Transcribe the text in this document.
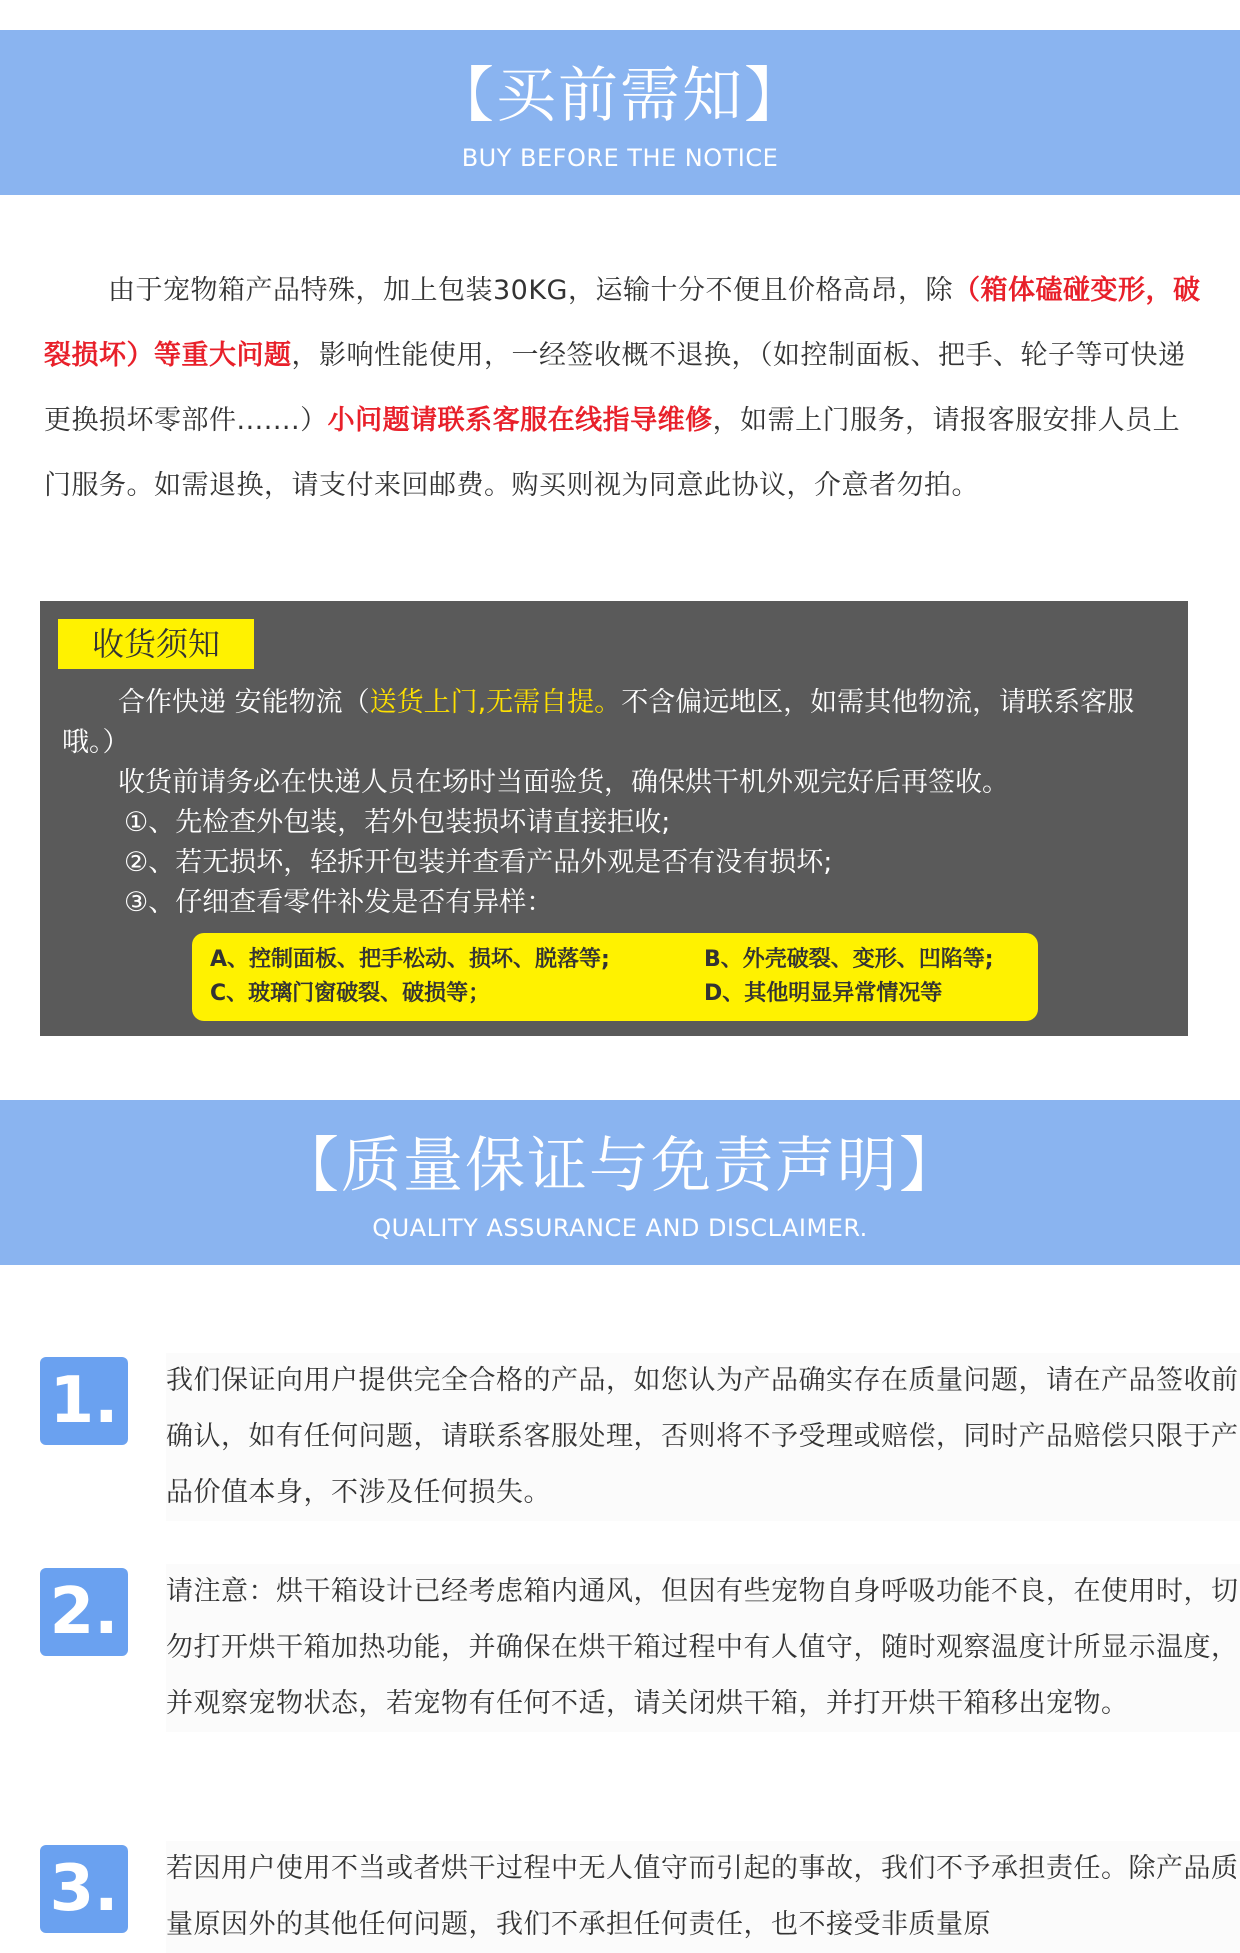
【买前需知】
BUY BEFORE THE NOTICE
由于宠物箱产品特殊，加上包装30KG，运输十分不便且价格高昂，除（箱体磕碰变形，破裂损坏）等重大问题，影响性能使用，一经签收概不退换，（如控制面板、把手、轮子等可快递更换损坏零部件.......）小问题请联系客服在线指导维修，如需上门服务，请报客服安排人员上门服务。如需退换，请支付来回邮费。购买则视为同意此协议，介意者勿拍。
收货须知
合作快递 安能物流（送货上门,无需自提。不含偏远地区，如需其他物流，请联系客服哦。）
收货前请务必在快递人员在场时当面验货，确保烘干机外观完好后再签收。
①、先检查外包装，若外包装损坏请直接拒收;
②、若无损坏，轻拆开包装并查看产品外观是否有没有损坏;
③、仔细查看零件补发是否有异样：
A、控制面板、把手松动、损坏、脱落等;	B、外壳破裂、变形、凹陷等;
C、玻璃门窗破裂、破损等；	D、其他明显异常情况等
【质量保证与免责声明】
QUALITY ASSURANCE AND DISCLAIMER.
1.	我们保证向用户提供完全合格的产品，如您认为产品确实存在质量问题，请在产品签收前确认，如有任何问题，请联系客服处理，否则将不予受理或赔偿，同时产品赔偿只限于产品价值本身，不涉及任何损失。
2.	请注意：烘干箱设计已经考虑箱内通风，但因有些宠物自身呼吸功能不良，在使用时，切勿打开烘干箱加热功能，并确保在烘干箱过程中有人值守，随时观察温度计所显示温度，并观察宠物状态，若宠物有任何不适，请关闭烘干箱，并打开烘干箱移出宠物。
3.	若因用户使用不当或者烘干过程中无人值守而引起的事故，我们不予承担责任。除产品质量原因外的其他任何问题，我们不承担任何责任，也不接受非质量原
